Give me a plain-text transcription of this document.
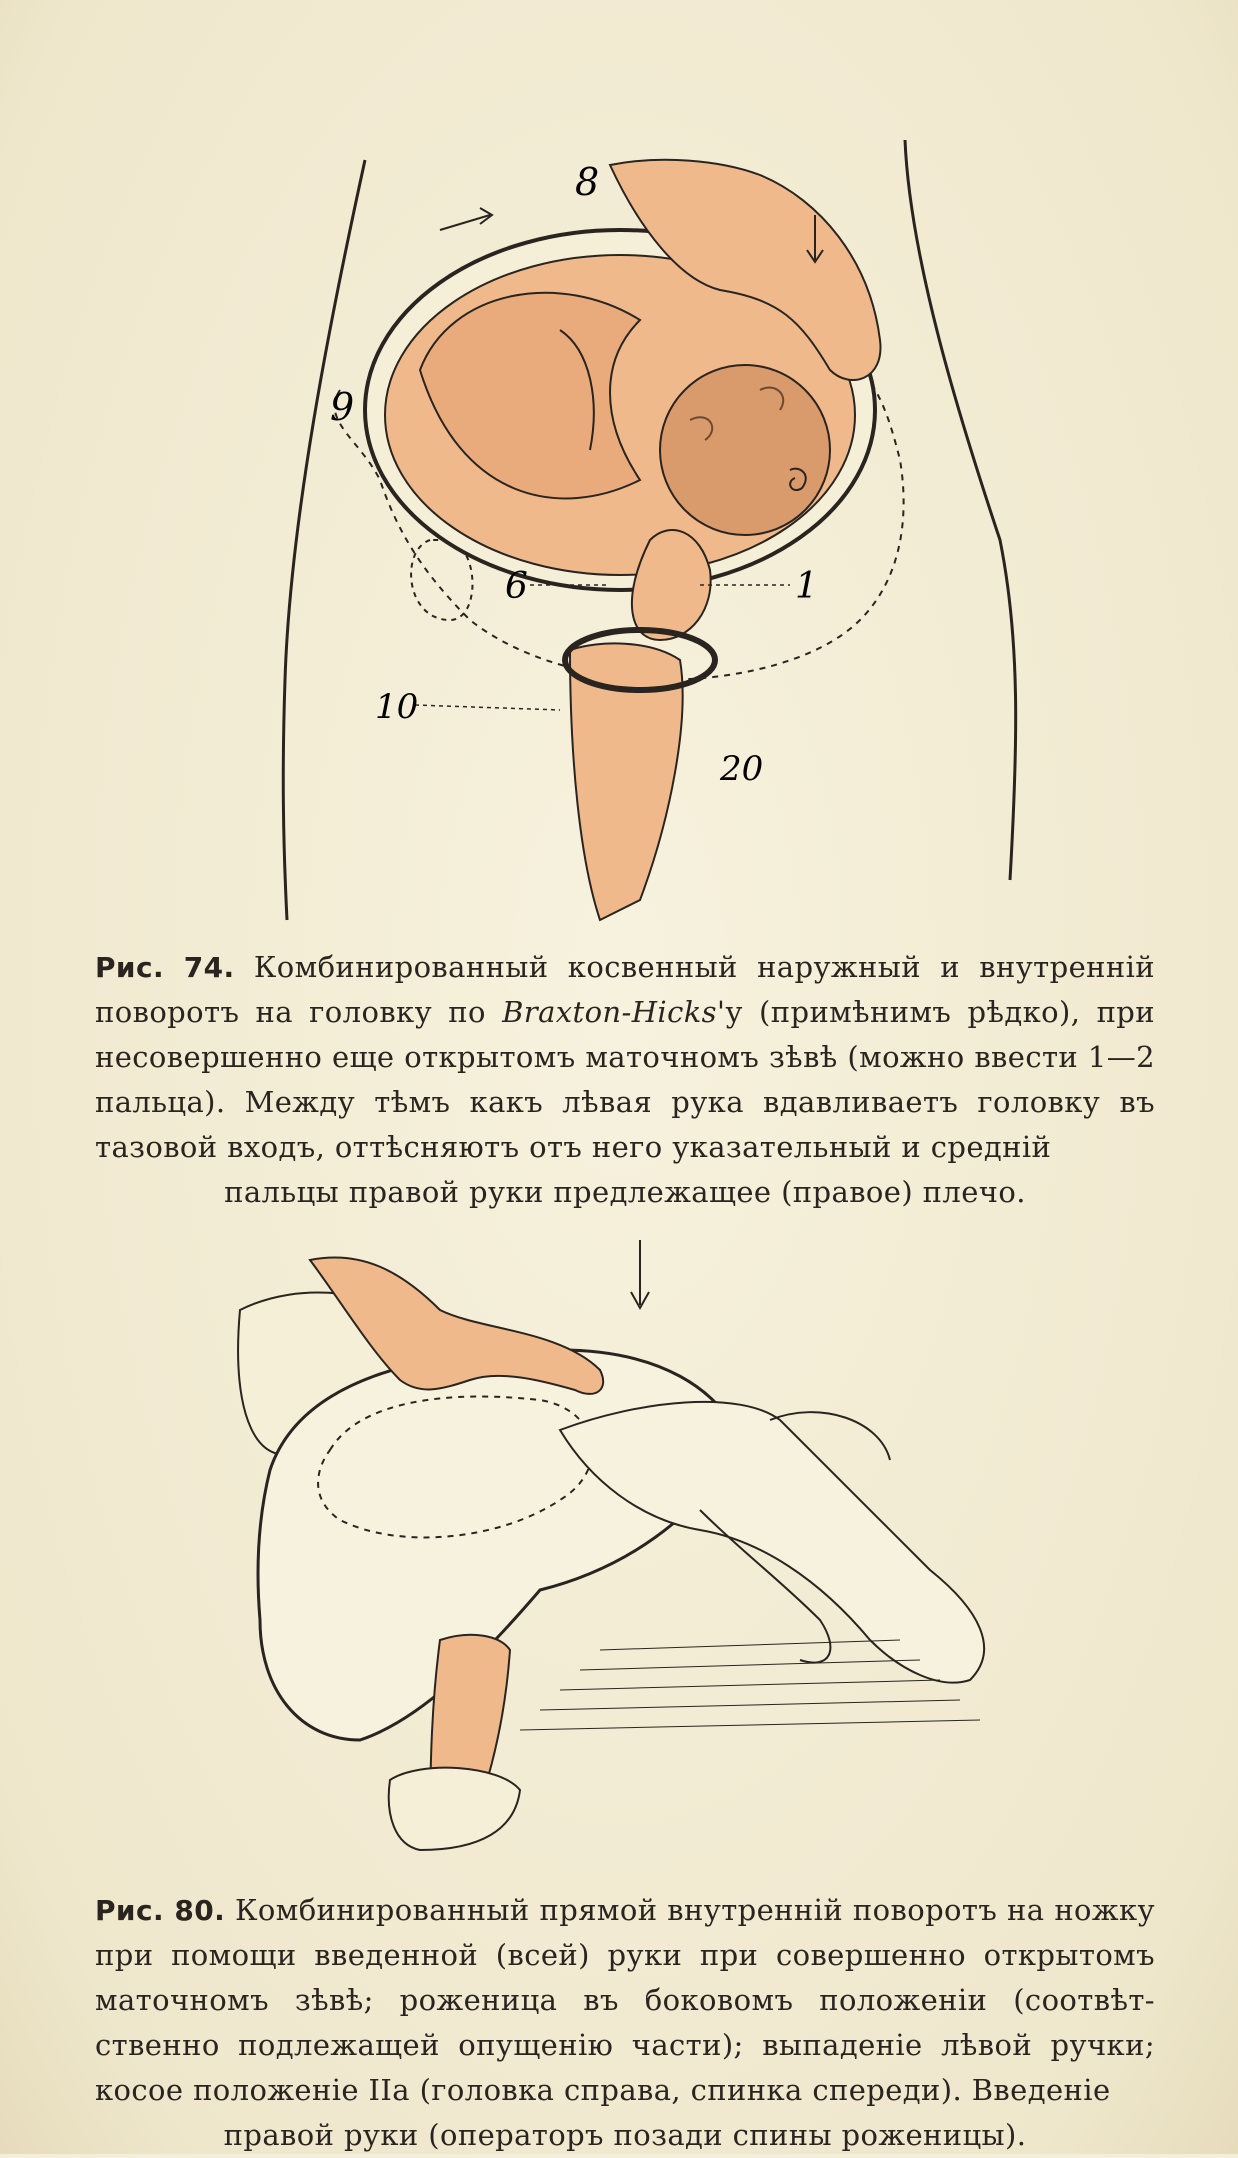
8
9
6	1
10
20
Рис. 74. Комбинированный косвенный наружный и внутреннiй поворотъ на головку по Braxton-Hicks'у (примѣнимъ рѣдко), при несовершенно еще открытомъ маточномъ зѣвѣ (можно ввести 1—2 пальца). Между тѣмъ какъ лѣвая рука вдавливаетъ головку въ тазовой входъ, оттѣсняютъ отъ него указательный и среднiй
пальцы правой руки предлежащее (правое) плечо.
Рис. 80. Комбинированный прямой внутреннiй поворотъ на ножку при помощи введенной (всей) руки при совершенно открытомъ маточномъ зѣвѣ; роженица въ боковомъ положенiи (соотвѣт- ственно подлежащей опущенiю части); выпаденiе лѣвой ручки; косое положенiе IIа (головка справа, спинка спереди). Введенiе
правой руки (операторъ позади спины роженицы).
